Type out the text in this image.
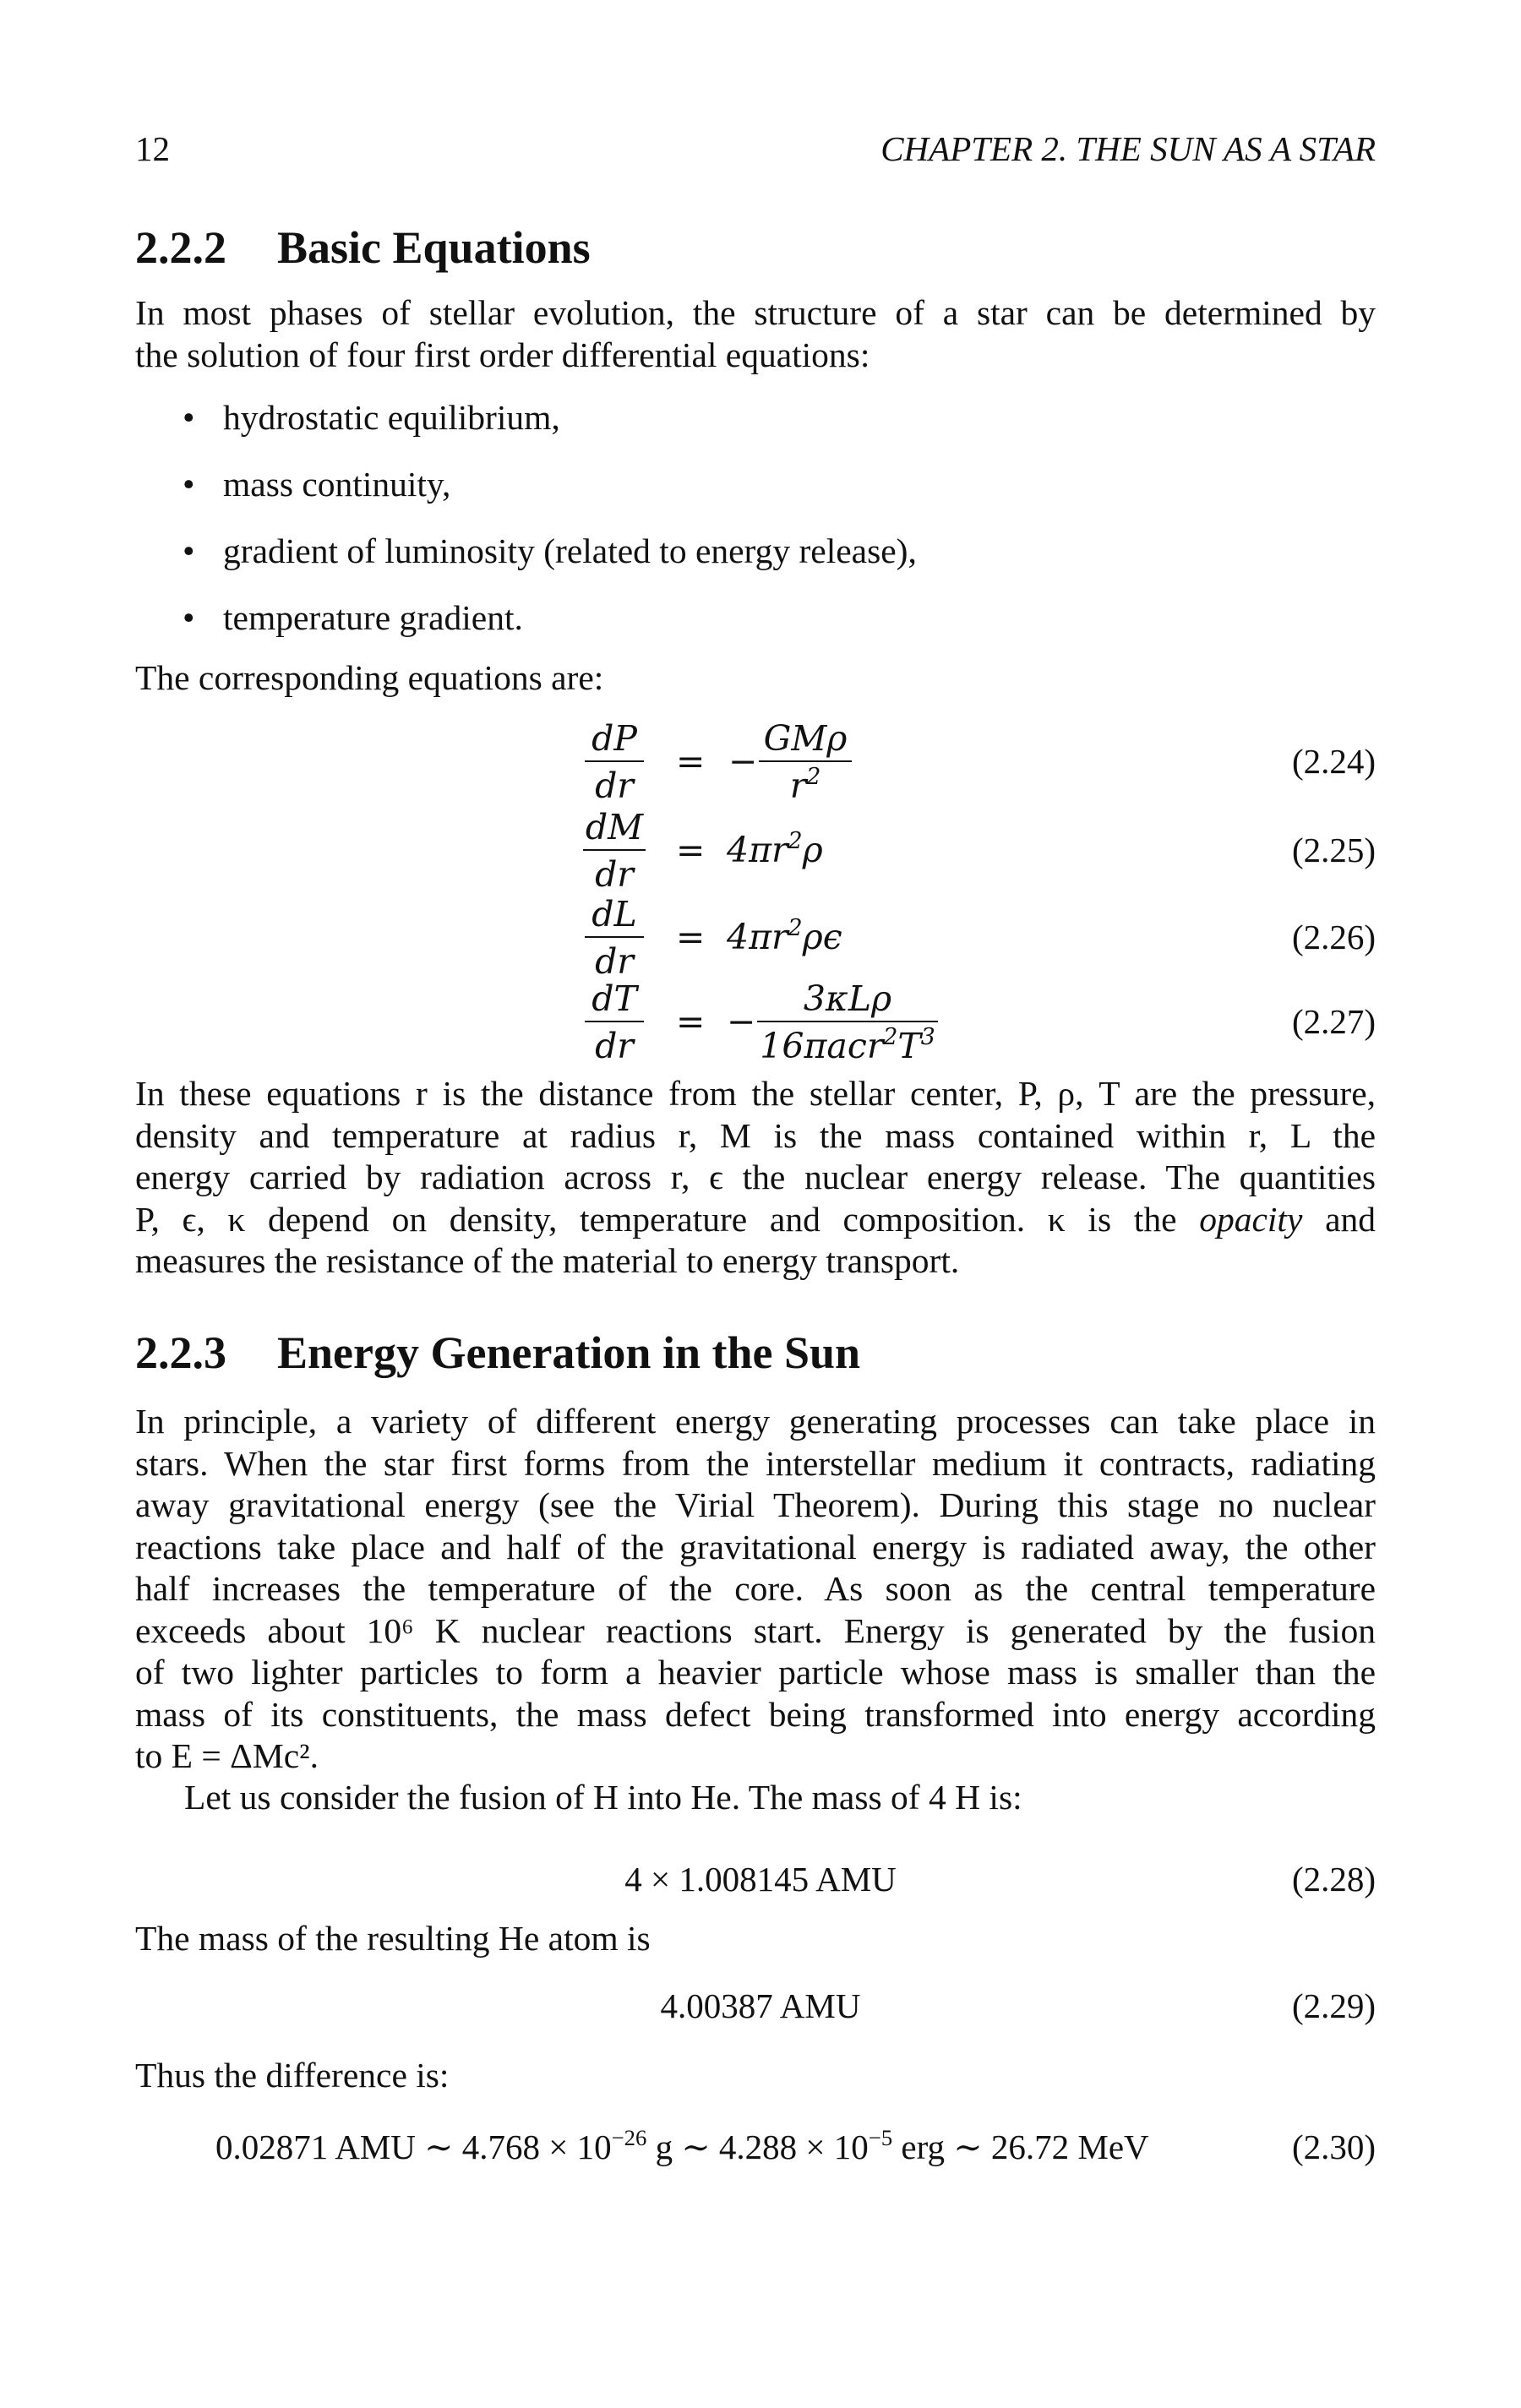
12	CHAPTER 2. THE SUN AS A STAR
2.2.2 Basic Equations

In most phases of stellar evolution, the structure of a star can be determined by
the solution of four first order differential equations:

• hydrostatic equilibrium,
• mass continuity,
• gradient of luminosity (related to energy release),
• temperature gradient.
The corresponding equations are:
dP
dr
= −
GMρ
$r^2$	(2.24)
dM
dr
= $4\pi r^2\rho$	(2.25)
dL
dr
= $4\pi r^2\rho\epsilon$	(2.26)
dT
dr
= −
3κLρ
$16\pi acr^2T^3$	(2.27)

In these equations r is the distance from the stellar center, P, ρ, T are the pressure,
density and temperature at radius r, M is the mass contained within r, L the
energy carried by radiation across r, ϵ the nuclear energy release. The quantities
P, ϵ, κ depend on density, temperature and composition. κ is the opacity and
measures the resistance of the material to energy transport.

2.2.3 Energy Generation in the Sun

In principle, a variety of different energy generating processes can take place in
stars. When the star first forms from the interstellar medium it contracts, radiating
away gravitational energy (see the Virial Theorem). During this stage no nuclear
reactions take place and half of the gravitational energy is radiated away, the other
half increases the temperature of the core. As soon as the central temperature
exceeds about 10⁶ K nuclear reactions start. Energy is generated by the fusion
of two lighter particles to form a heavier particle whose mass is smaller than the
mass of its constituents, the mass defect being transformed into energy according
to E = ΔMc².

Let us consider the fusion of H into He. The mass of 4 H is:
4 × 1.008145 AMU	(2.28)
The mass of the resulting He atom is
4.00387 AMU	(2.29)
Thus the difference is:
0.02871 AMU ∼ $4.768 \times 10^{-26}$ g ∼ $4.288 \times 10^{-5}$ erg ∼ 26.72 MeV	(2.30)
